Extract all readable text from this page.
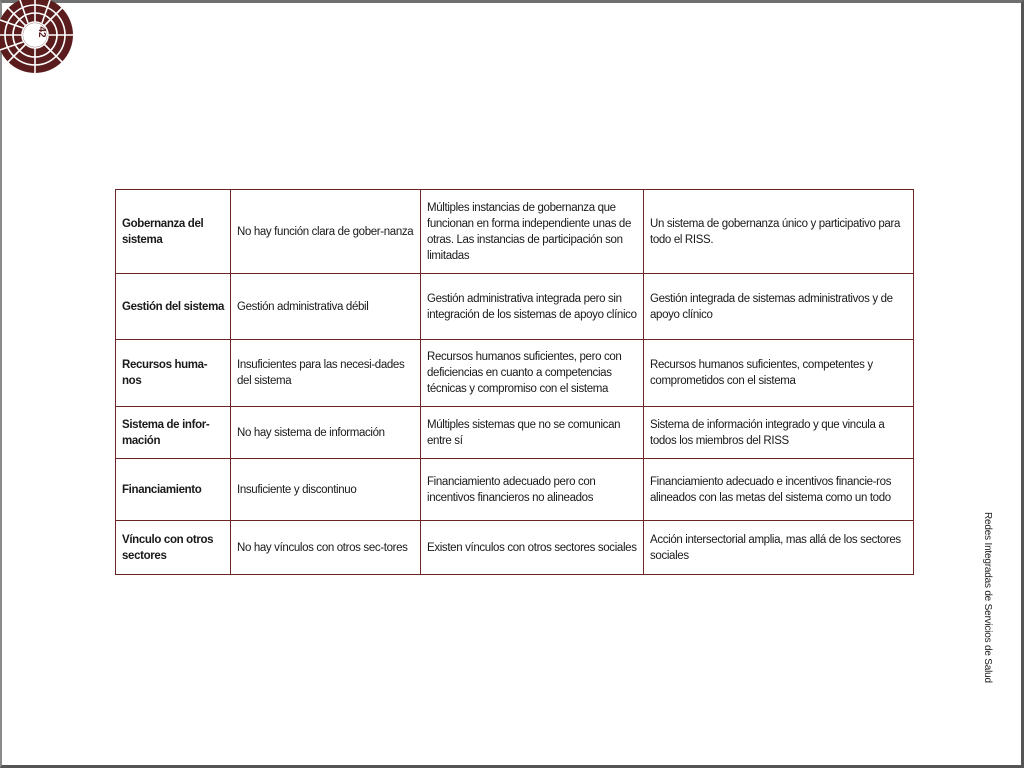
42
Gobernanza del sistema	No hay función clara de gober-nanza	Múltiples instancias de gobernanza que funcionan en forma independiente unas de otras. Las instancias de participación son limitadas	Un sistema de gobernanza único y participativo para todo el RISS.
Gestión del sistema	Gestión administrativa débil	Gestión administrativa integrada pero sin integración de los sistemas de apoyo clínico	Gestión integrada de sistemas administrativos y de apoyo clínico
Recursos huma-nos	Insuficientes para las necesi-dades del sistema	Recursos humanos suficientes, pero con deficiencias en cuanto a competencias técnicas y compromiso con el sistema	Recursos humanos suficientes, competentes y comprometidos con el sistema
Sistema de infor-mación	No hay sistema de información	Múltiples sistemas que no se comunican entre sí	Sistema de información integrado y que vincula a todos los miembros del RISS
Financiamiento	Insuficiente y discontinuo	Financiamiento adecuado pero con incentivos financieros no alineados	Financiamiento adecuado e incentivos financie-ros alineados con las metas del sistema como un todo
Vínculo con otros sectores	No hay vínculos con otros sec-tores	Existen vínculos con otros sectores sociales	Acción intersectorial amplia, mas allá de los sectores sociales	Redes Integradas de Servicios de Salud
